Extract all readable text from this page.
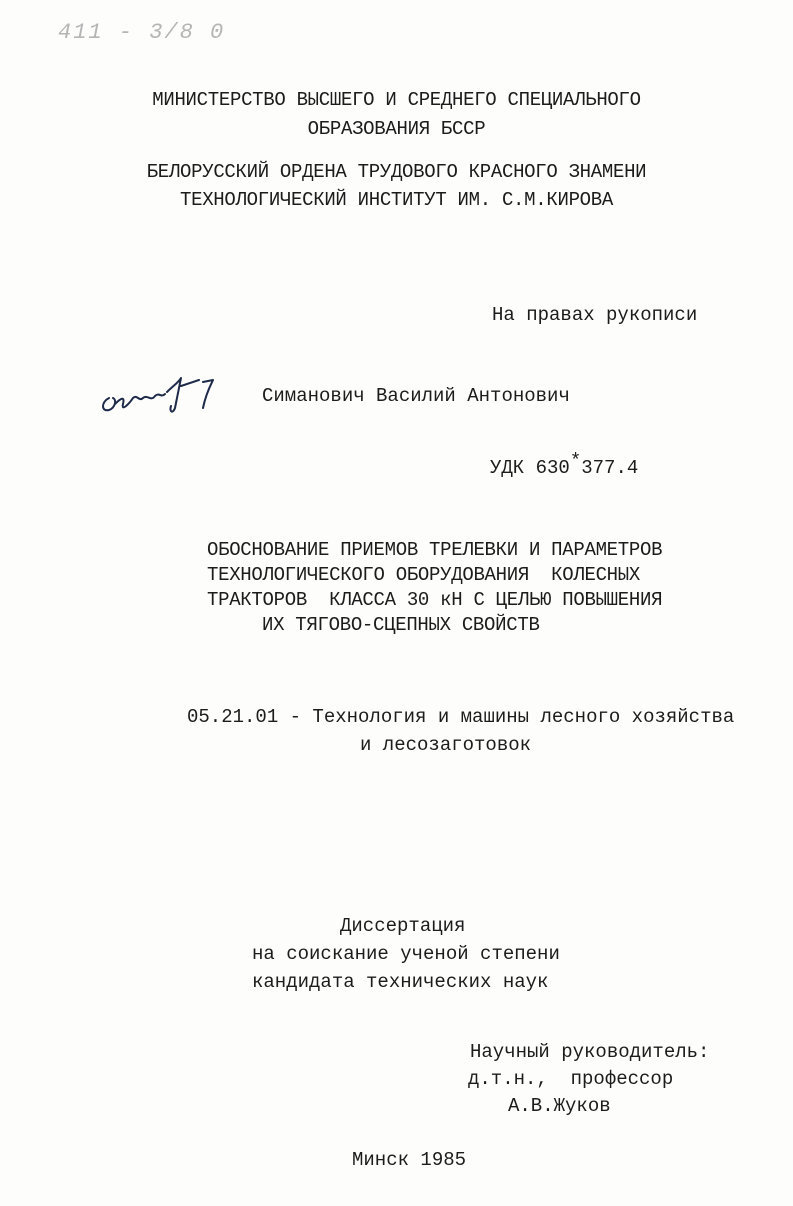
411 - 3/8 0
МИНИСТЕРСТВО ВЫСШЕГО И СРЕДНЕГО СПЕЦИАЛЬНОГО
ОБРАЗОВАНИЯ БССР
БЕЛОРУССКИЙ ОРДЕНА ТРУДОВОГО КРАСНОГО ЗНАМЕНИ
ТЕХНОЛОГИЧЕСКИЙ ИНСТИТУТ ИМ. С.М.КИРОВА
На правах рукописи
Симанович Василий Антонович
УДК 630*377.4
ОБОСНОВАНИЕ ПРИЕМОВ ТРЕЛЕВКИ И ПАРАМЕТРОВ
ТЕХНОЛОГИЧЕСКОГО ОБОРУДОВАНИЯ  КОЛЕСНЫХ
ТРАКТОРОВ  КЛАССА 30 кН С ЦЕЛЬЮ ПОВЫШЕНИЯ
ИХ ТЯГОВО-СЦЕПНЫХ СВОЙСТВ
05.21.01 - Технология и машины лесного хозяйства
и лесозаготовок
Диссертация
на соискание ученой степени
кандидата технических наук
Научный руководитель:
д.т.н.,  профессор
А.В.Жуков
Минск 1985
